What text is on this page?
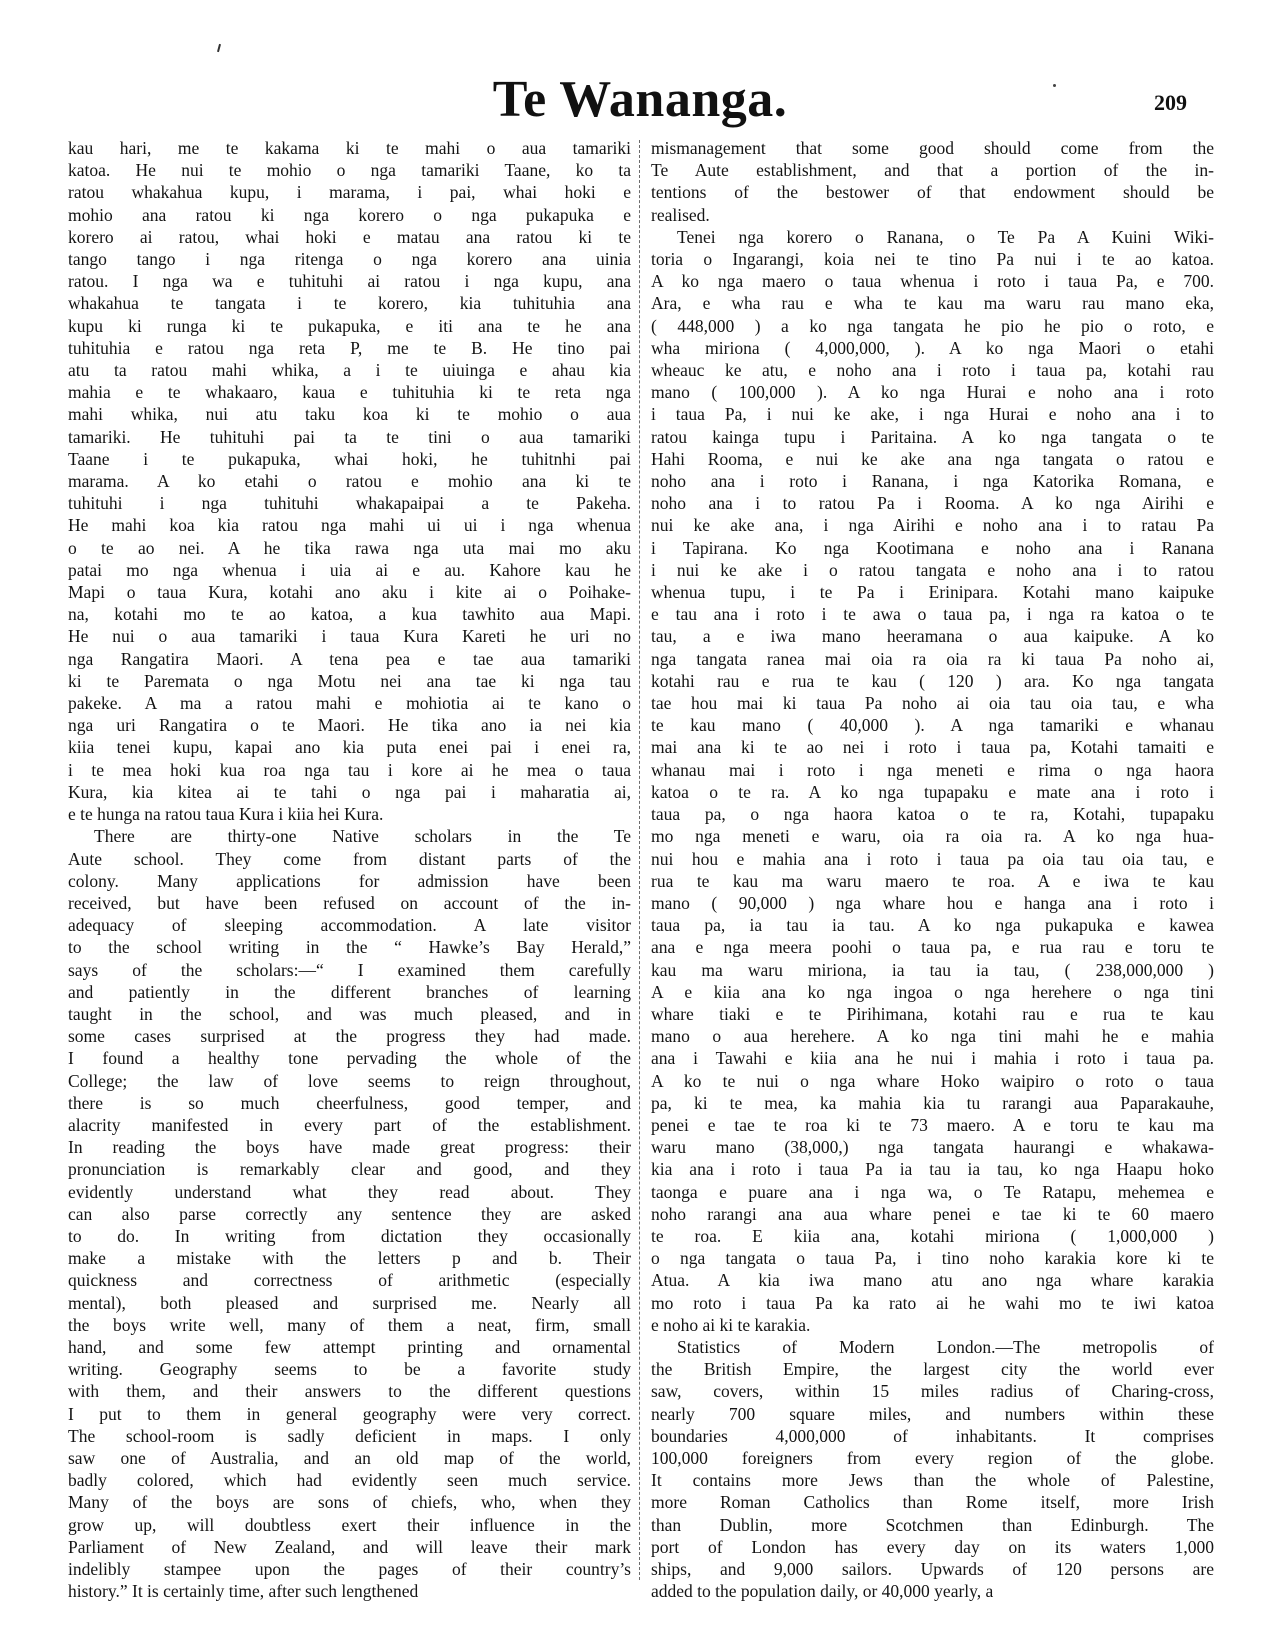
Te Wananga.	209

kau hari, me te kakama ki te mahi o aua tamariki
katoa. He nui te mohio o nga tamariki Taane, ko ta
ratou whakahua kupu, i marama, i pai, whai hoki e
mohio ana ratou ki nga korero o nga pukapuka e
korero ai ratou, whai hoki e matau ana ratou ki te
tango tango i nga ritenga o nga korero ana uinia
ratou. I nga wa e tuhituhi ai ratou i nga kupu, ana
whakahua te tangata i te korero, kia tuhituhia ana
kupu ki runga ki te pukapuka, e iti ana te he ana
tuhituhia e ratou nga reta P, me te B. He tino pai
atu ta ratou mahi whika, a i te uiuinga e ahau kia
mahia e te whakaaro, kaua e tuhituhia ki te reta nga
mahi whika, nui atu taku koa ki te mohio o aua
tamariki. He tuhituhi pai ta te tini o aua tamariki
Taane i te pukapuka, whai hoki, he tuhitnhi pai
marama. A ko etahi o ratou e mohio ana ki te
tuhituhi i nga tuhituhi whakapaipai a te Pakeha.
He mahi koa kia ratou nga mahi ui ui i nga whenua
o te ao nei. A he tika rawa nga uta mai mo aku
patai mo nga whenua i uia ai e au. Kahore kau he
Mapi o taua Kura, kotahi ano aku i kite ai o Poihake-
na, kotahi mo te ao katoa, a kua tawhito aua Mapi.
He nui o aua tamariki i taua Kura Kareti he uri no
nga Rangatira Maori. A tena pea e tae aua tamariki
ki te Paremata o nga Motu nei ana tae ki nga tau
pakeke. A ma a ratou mahi e mohiotia ai te kano o
nga uri Rangatira o te Maori. He tika ano ia nei kia
kiia tenei kupu, kapai ano kia puta enei pai i enei ra,
i te mea hoki kua roa nga tau i kore ai he mea o taua
Kura, kia kitea ai te tahi o nga pai i maharatia ai,
e te hunga na ratou taua Kura i kiia hei Kura.

There are thirty-one Native scholars in the Te
Aute school. They come from distant parts of the
colony. Many applications for admission have been
received, but have been refused on account of the in-
adequacy of sleeping accommodation. A late visitor
to the school writing in the “ Hawke’s Bay Herald,”
says of the scholars:—“ I examined them carefully
and patiently in the different branches of learning
taught in the school, and was much pleased, and in
some cases surprised at the progress they had made.
I found a healthy tone pervading the whole of the
College; the law of love seems to reign throughout,
there is so much cheerfulness, good temper, and
alacrity manifested in every part of the establishment.
In reading the boys have made great progress: their
pronunciation is remarkably clear and good, and they
evidently understand what they read about. They
can also parse correctly any sentence they are asked
to do. In writing from dictation they occasionally
make a mistake with the letters p and b. Their
quickness and correctness of arithmetic (especially
mental), both pleased and surprised me. Nearly all
the boys write well, many of them a neat, firm, small
hand, and some few attempt printing and ornamental
writing. Geography seems to be a favorite study
with them, and their answers to the different questions
I put to them in general geography were very correct.
The school-room is sadly deficient in maps. I only
saw one of Australia, and an old map of the world,
badly colored, which had evidently seen much service.
Many of the boys are sons of chiefs, who, when they
grow up, will doubtless exert their influence in the
Parliament of New Zealand, and will leave their mark
indelibly stampee upon the pages of their country’s
history.” It is certainly time, after such lengthened

mismanagement that some good should come from the
Te Aute establishment, and that a portion of the in-
tentions of the bestower of that endowment should be
realised.

Tenei nga korero o Ranana, o Te Pa A Kuini Wiki-
toria o Ingarangi, koia nei te tino Pa nui i te ao katoa.
A ko nga maero o taua whenua i roto i taua Pa, e 700.
Ara, e wha rau e wha te kau ma waru rau mano eka,
( 448,000 ) a ko nga tangata he pio he pio o roto, e
wha miriona ( 4,000,000, ). A ko nga Maori o etahi
wheauc ke atu, e noho ana i roto i taua pa, kotahi rau
mano ( 100,000 ). A ko nga Hurai e noho ana i roto
i taua Pa, i nui ke ake, i nga Hurai e noho ana i to
ratou kainga tupu i Paritaina. A ko nga tangata o te
Hahi Rooma, e nui ke ake ana nga tangata o ratou e
noho ana i roto i Ranana, i nga Katorika Romana, e
noho ana i to ratou Pa i Rooma. A ko nga Airihi e
nui ke ake ana, i nga Airihi e noho ana i to ratau Pa
i Tapirana. Ko nga Kootimana e noho ana i Ranana
i nui ke ake i o ratou tangata e noho ana i to ratou
whenua tupu, i te Pa i Erinipara. Kotahi mano kaipuke
e tau ana i roto i te awa o taua pa, i nga ra katoa o te
tau, a e iwa mano heeramana o aua kaipuke. A ko
nga tangata ranea mai oia ra oia ra ki taua Pa noho ai,
kotahi rau e rua te kau ( 120 ) ara. Ko nga tangata
tae hou mai ki taua Pa noho ai oia tau oia tau, e wha
te kau mano ( 40,000 ). A nga tamariki e whanau
mai ana ki te ao nei i roto i taua pa, Kotahi tamaiti e
whanau mai i roto i nga meneti e rima o nga haora
katoa o te ra. A ko nga tupapaku e mate ana i roto i
taua pa, o nga haora katoa o te ra, Kotahi, tupapaku
mo nga meneti e waru, oia ra oia ra. A ko nga hua-
nui hou e mahia ana i roto i taua pa oia tau oia tau, e
rua te kau ma waru maero te roa. A e iwa te kau
mano ( 90,000 ) nga whare hou e hanga ana i roto i
taua pa, ia tau ia tau. A ko nga pukapuka e kawea
ana e nga meera poohi o taua pa, e rua rau e toru te
kau ma waru miriona, ia tau ia tau, ( 238,000,000 )
A e kiia ana ko nga ingoa o nga herehere o nga tini
whare tiaki e te Pirihimana, kotahi rau e rua te kau
mano o aua herehere. A ko nga tini mahi he e mahia
ana i Tawahi e kiia ana he nui i mahia i roto i taua pa.
A ko te nui o nga whare Hoko waipiro o roto o taua
pa, ki te mea, ka mahia kia tu rarangi aua Paparakauhe,
penei e tae te roa ki te 73 maero. A e toru te kau ma
waru mano (38,000,) nga tangata haurangi e whakawa-
kia ana i roto i taua Pa ia tau ia tau, ko nga Haapu hoko
taonga e puare ana i nga wa, o Te Ratapu, mehemea e
noho rarangi ana aua whare penei e tae ki te 60 maero
te roa. E kiia ana, kotahi miriona ( 1,000,000 )
o nga tangata o taua Pa, i tino noho karakia kore ki te
Atua. A kia iwa mano atu ano nga whare karakia
mo roto i taua Pa ka rato ai he wahi mo te iwi katoa
e noho ai ki te karakia.

Statistics of Modern London.—The metropolis of
the British Empire, the largest city the world ever
saw, covers, within 15 miles radius of Charing-cross,
nearly 700 square miles, and numbers within these
boundaries 4,000,000 of inhabitants. It comprises
100,000 foreigners from every region of the globe.
It contains more Jews than the whole of Palestine,
more Roman Catholics than Rome itself, more Irish
than Dublin, more Scotchmen than Edinburgh. The
port of London has every day on its waters 1,000
ships, and 9,000 sailors. Upwards of 120 persons are
added to the population daily, or 40,000 yearly, a
